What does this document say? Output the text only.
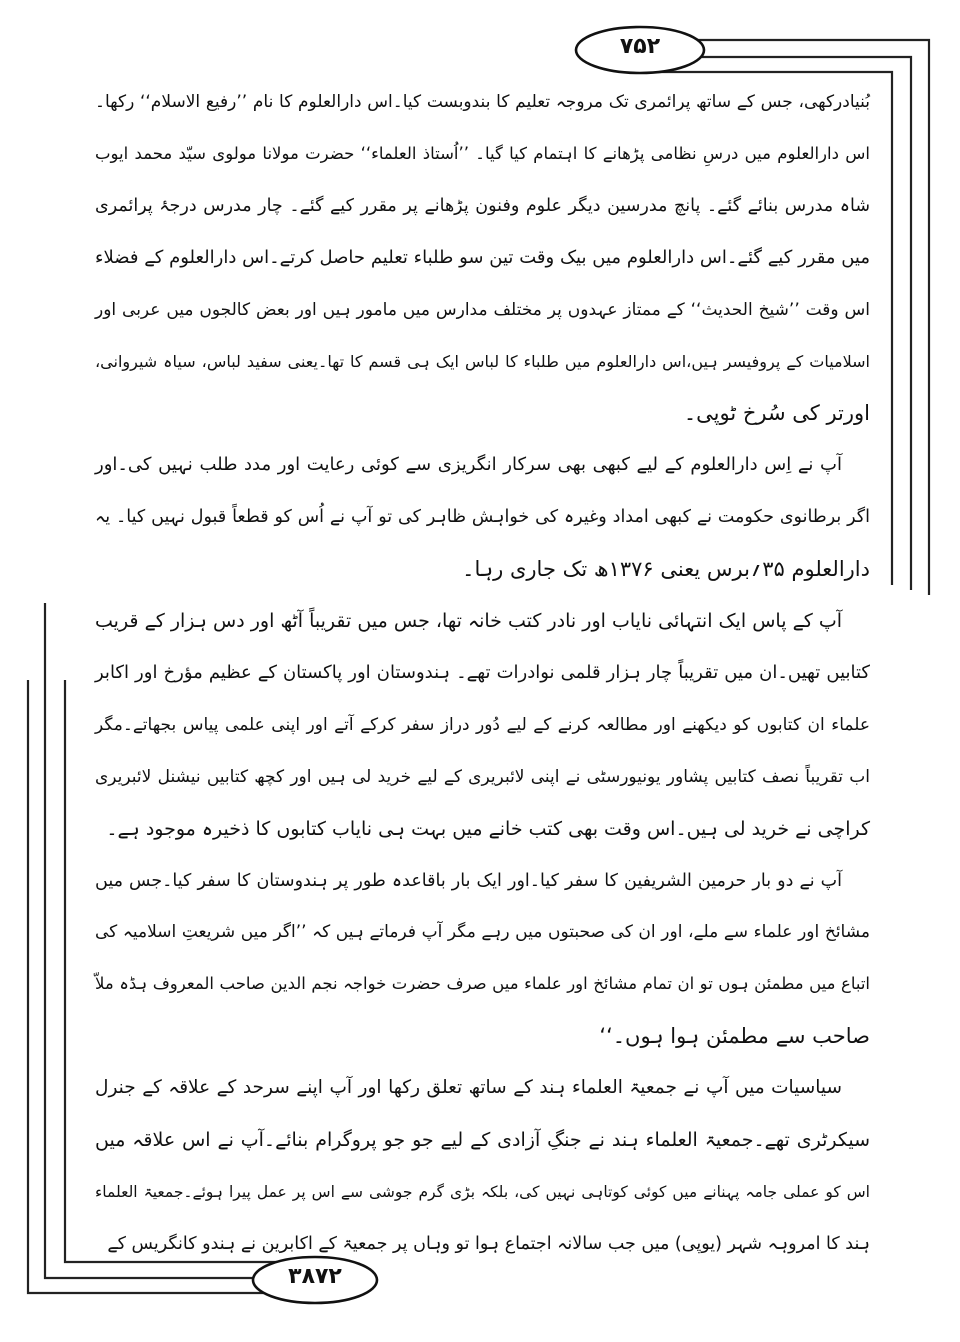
۷۵۲
۳۸۷۲
بُنیادرکھی، جس کے ساتھ پرائمری تک مروجہ تعلیم کا بندوبست کیا۔اس دارالعلوم کا نام ’’رفیع الاسلام‘‘ رکھا۔
اس دارالعلوم میں درسِ نظامی پڑھانے کا اہتمام کیا گیا۔ ’’اُستاذ العلماء‘‘ حضرت مولانا مولوی سیّد محمد ایوب
شاہ مدرس بنائے گئے۔ پانچ مدرسین دیگر علوم وفنون پڑھانے پر مقرر کیے گئے۔ چار مدرس درجۂ پرائمری
میں مقرر کیے گئے۔اس دارالعلوم میں بیک وقت تین سو طلباء تعلیم حاصل کرتے۔اس دارالعلوم کے فضلاء
اس وقت ’’شیخ الحدیث‘‘ کے ممتاز عہدوں پر مختلف مدارس میں مامور ہیں اور بعض کالجوں میں عربی اور
اسلامیات کے پروفیسر ہیں،اس دارالعلوم میں طلباء کا لباس ایک ہی قسم کا تھا۔یعنی سفید لباس، سیاہ شیروانی،
اورتر کی سُرخ ٹوپی۔
آپ نے اِس دارالعلوم کے لیے کبھی بھی سرکار انگریزی سے کوئی رعایت اور مدد طلب نہیں کی۔اور
اگر برطانوی حکومت نے کبھی امداد وغیرہ کی خواہش ظاہر کی تو آپ نے اُس کو قطعاً قبول نہیں کیا۔ یہ
دارالعلوم ۳۵؍برس یعنی ۱۳۷۶ھ تک جاری رہا۔
آپ کے پاس ایک انتہائی نایاب اور نادر کتب خانہ تھا، جس میں تقریباً آٹھ اور دس ہزار کے قریب
کتابیں تھیں۔ان میں تقریباً چار ہزار قلمی نوادرات تھے۔ ہندوستان اور پاکستان کے عظیم مؤرخ اور اکابر
علماء ان کتابوں کو دیکھنے اور مطالعہ کرنے کے لیے دُور دراز سفر کرکے آتے اور اپنی علمی پیاس بجھاتے۔مگر
اب تقریباً نصف کتابیں پشاور یونیورسٹی نے اپنی لائبریری کے لیے خرید لی ہیں اور کچھ کتابیں نیشنل لائبریری
کراچی نے خرید لی ہیں۔اس وقت بھی کتب خانے میں بہت ہی نایاب کتابوں کا ذخیرہ موجود ہے۔
آپ نے دو بار حرمین الشریفین کا سفر کیا۔اور ایک بار باقاعدہ طور پر ہندوستان کا سفر کیا۔جس میں
مشائخ اور علماء سے ملے، اور ان کی صحبتوں میں رہے مگر آپ فرماتے ہیں کہ ’’اگر میں شریعتِ اسلامیہ کی
اتباع میں مطمئن ہوں تو ان تمام مشائخ اور علماء میں صرف حضرت خواجہ نجم الدین صاحب المعروف ہڈہ ملاّ
صاحب سے مطمئن ہوا ہوں۔‘‘
سیاسیات میں آپ نے جمعیۃ العلماء ہند کے ساتھ تعلق رکھا اور آپ اپنے سرحد کے علاقہ کے جنرل
سیکرٹری تھے۔جمعیۃ العلماء ہند نے جنگِ آزادی کے لیے جو جو پروگرام بنائے۔آپ نے اس علاقہ میں
اس کو عملی جامہ پہنانے میں کوئی کوتاہی نہیں کی، بلکہ بڑی گرم جوشی سے اس پر عمل پیرا ہوئے۔جمعیۃ العلماء
ہند کا امروہہ شہر (یوپی) میں جب سالانہ اجتماع ہوا تو وہاں پر جمعیۃ کے اکابرین نے ہندو کانگریس کے
